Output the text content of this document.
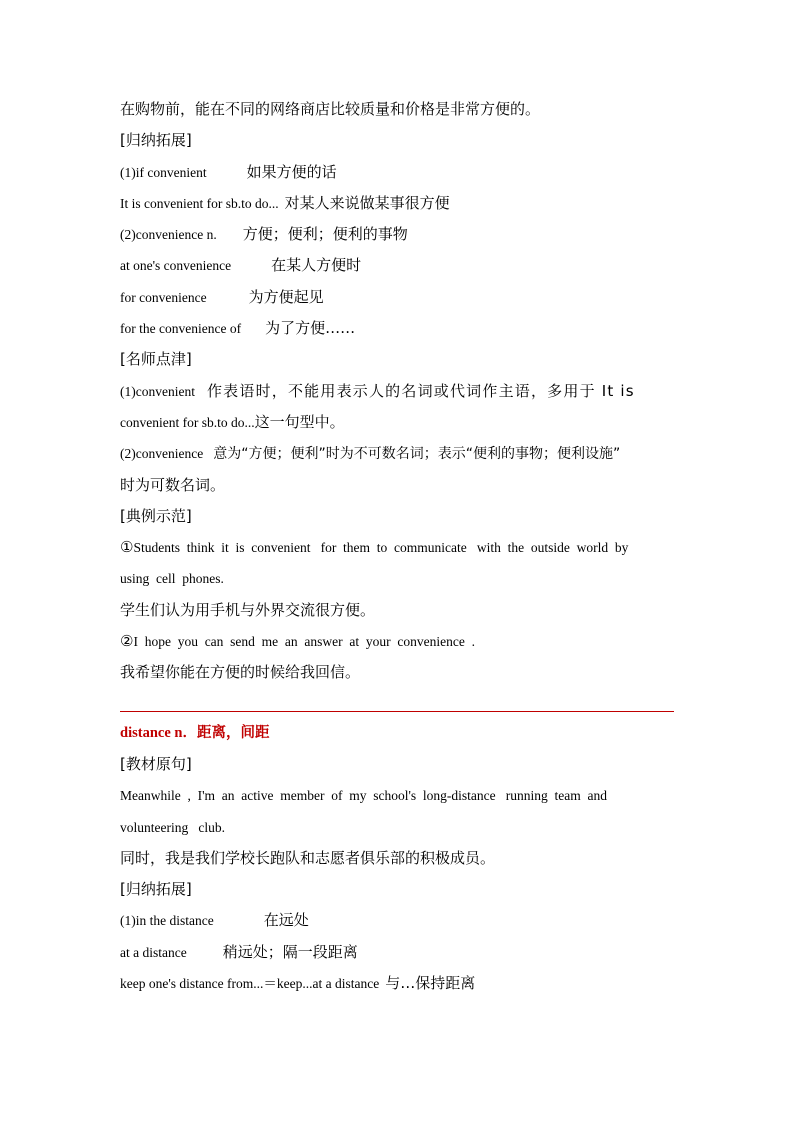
在购物前，能在不同的网络商店比较质量和价格是非常方便的。
[归纳拓展]
(1)if convenient	如果方便的话
It is convenient for sb.to do... 对某人来说做某事很方便
(2)convenience n. 方便；便利；便利的事物
at one's convenience	在某人方便时
for convenience	为方便起见
for the convenience of 为了方便……
[名师点津]
(1)convenient 作表语时，不能用表示人的名词或代词作主语，多用于 It is
convenient for sb.to do...这一句型中。
(2)convenience 意为“方便；便利”时为不可数名词；表示“便利的事物；便利设施”
时为可数名词。
[典例示范]
①Students  think  it  is  convenient   for  them  to  communicate   with  the  outside  world  by
using  cell  phones.
学生们认为用手机与外界交流很方便。
②I  hope  you  can  send  me  an  answer  at  your  convenience  .
我希望你能在方便的时候给我回信。
distance n．距离，间距
[教材原句]
Meanwhile  ,  I'm  an  active  member  of  my  school's  long-distance   running  team  and
volunteering   club.
同时，我是我们学校长跑队和志愿者俱乐部的积极成员。
[归纳拓展]
(1)in the distance	在远处
at a distance 稍远处；隔一段距离
keep one's distance from...＝keep...at a distance 与…保持距离
